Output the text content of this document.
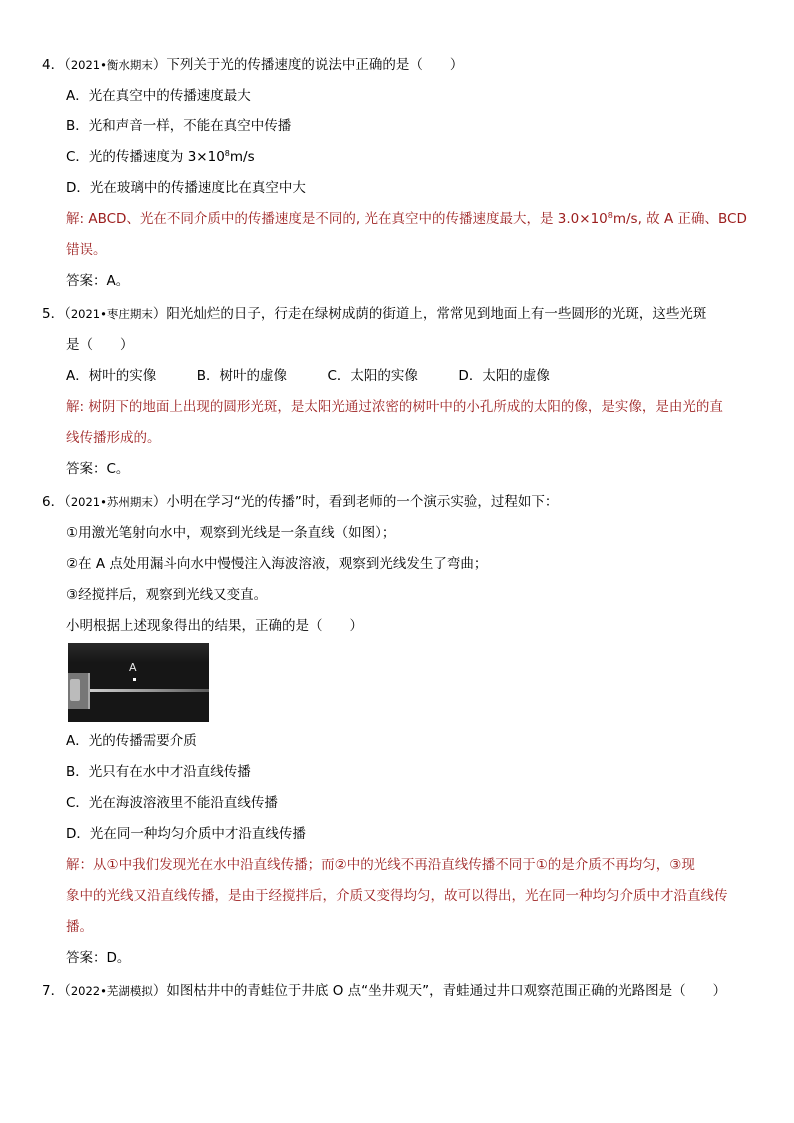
4．（2021•衡水期末）下列关于光的传播速度的说法中正确的是（　　）
A．光在真空中的传播速度最大
B．光和声音一样，不能在真空中传播
C．光的传播速度为 $3\times 10^8m/s$
D．光在玻璃中的传播速度比在真空中大
解: ABCD、光在不同介质中的传播速度是不同的, 光在真空中的传播速度最大，是 $3.0\times 10^8m/s$, 故 A 正确、BCD
错误。
答案：A。
5．（2021•枣庄期末）阳光灿烂的日子，行走在绿树成荫的街道上，常常见到地面上有一些圆形的光斑，这些光斑
是（　　）
A．树叶的实像　　　B．树叶的虚像　　　C．太阳的实像　　　D．太阳的虚像
解: 树阴下的地面上出现的圆形光斑，是太阳光通过浓密的树叶中的小孔所成的太阳的像，是实像，是由光的直
线传播形成的。
答案：C。
6．（2021•苏州期末）小明在学习“光的传播”时，看到老师的一个演示实验，过程如下：
①用激光笔射向水中，观察到光线是一条直线（如图）；
②在 A 点处用漏斗向水中慢慢注入海波溶液，观察到光线发生了弯曲；
③经搅拌后，观察到光线又变直。
小明根据上述现象得出的结果，正确的是（　　）
A
A．光的传播需要介质
B．光只有在水中才沿直线传播
C．光在海波溶液里不能沿直线传播
D．光在同一种均匀介质中才沿直线传播
解：从①中我们发现光在水中沿直线传播；而②中的光线不再沿直线传播不同于①的是介质不再均匀，③现
象中的光线又沿直线传播，是由于经搅拌后，介质又变得均匀，故可以得出，光在同一种均匀介质中才沿直线传
播。
答案：D。
7．（2022•芜湖模拟）如图枯井中的青蛙位于井底 O 点“坐井观天”，青蛙通过井口观察范围正确的光路图是（　　）
